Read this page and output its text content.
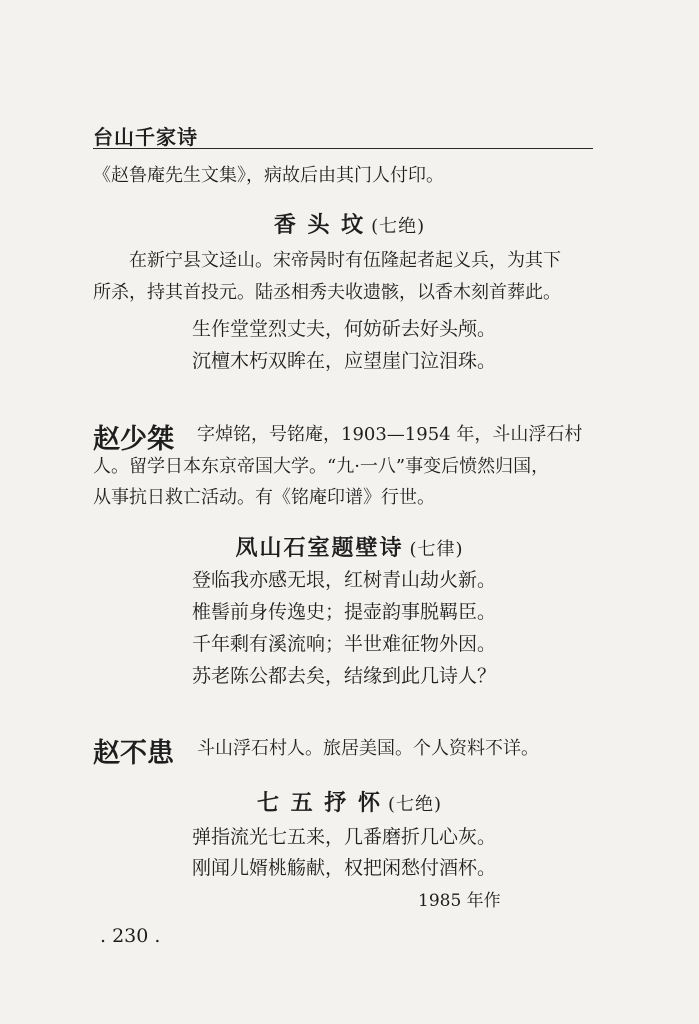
台山千家诗
《赵鲁庵先生文集》，病故后由其门人付印。
香 头 坟 (七绝)
　　在新宁县文迳山。宋帝昺时有伍隆起者起义兵，为其下
所杀，持其首投元。陆丞相秀夫收遗骸，以香木刻首葬此。
生作堂堂烈丈夫，何妨斫去好头颅。
沉檀木朽双眸在，应望崖门泣泪珠。
赵少桀 字焯铭，号铭庵，1903—1954 年，斗山浮石村
人。留学日本东京帝国大学。“九·一八”事变后愤然归国，
从事抗日救亡活动。有《铭庵印谱》行世。
凤山石室题壁诗 (七律)
登临我亦感无垠，红树青山劫火新。
椎髻前身传逸史；提壶韵事脱羁臣。
千年剩有溪流响；半世难征物外因。
苏老陈公都去矣，结缘到此几诗人？
赵不患 斗山浮石村人。旅居美国。个人资料不详。
七 五 抒 怀 (七绝)
弹指流光七五来，几番磨折几心灰。
刚闻儿婿桃觞献，权把闲愁付酒杯。
1985 年作
. 230 .
